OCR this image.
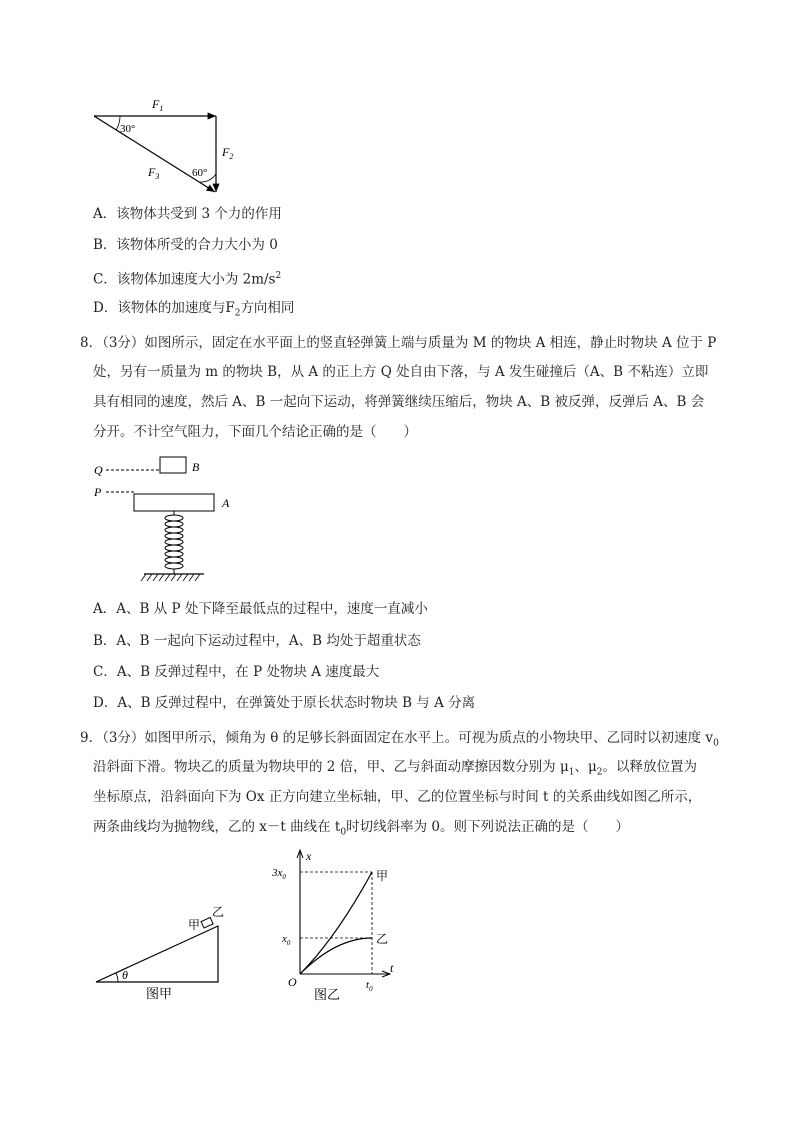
$F_1$
$F_2$
$F_3$
30°
60°
A．该物体共受到 3 个力的作用
B．该物体所受的合力大小为 0
C．该物体加速度大小为 $2m/s^2$
D．该物体的加速度与$F_2$方向相同
8．（3分）如图所示，固定在水平面上的竖直轻弹簧上端与质量为 M 的物块 A 相连，静止时物块 A 位于 P
处，另有一质量为 m 的物块 B，从 A 的正上方 Q 处自由下落，与 A 发生碰撞后（A、B 不粘连）立即
具有相同的速度，然后 A、B 一起向下运动，将弹簧继续压缩后，物块 A、B 被反弹，反弹后 A、B 会
分开。不计空气阻力，下面几个结论正确的是（　　）
Q	B
P
A
A．A、B 从 P 处下降至最低点的过程中，速度一直减小
B．A、B 一起向下运动过程中，A、B 均处于超重状态
C．A、B 反弹过程中，在 P 处物块 A 速度最大
D．A、B 反弹过程中，在弹簧处于原长状态时物块 B 与 A 分离
9．（3分）如图甲所示，倾角为 θ 的足够长斜面固定在水平上。可视为质点的小物块甲、乙同时以初速度 $v_0$
沿斜面下滑。物块乙的质量为物块甲的 2 倍，甲、乙与斜面动摩擦因数分别为 $\mu_1$、$\mu_2$。以释放位置为
坐标原点，沿斜面向下为 Ox 正方向建立坐标轴，甲、乙的位置坐标与时间 t 的关系曲线如图乙所示，
两条曲线均为抛物线，乙的 x－t 曲线在 $t_0$时切线斜率为 0。则下列说法正确的是（　　）
θ
甲
乙
图甲
x
t
O
$3x_0$
$x_0$
$t_0$
甲
乙
图乙
